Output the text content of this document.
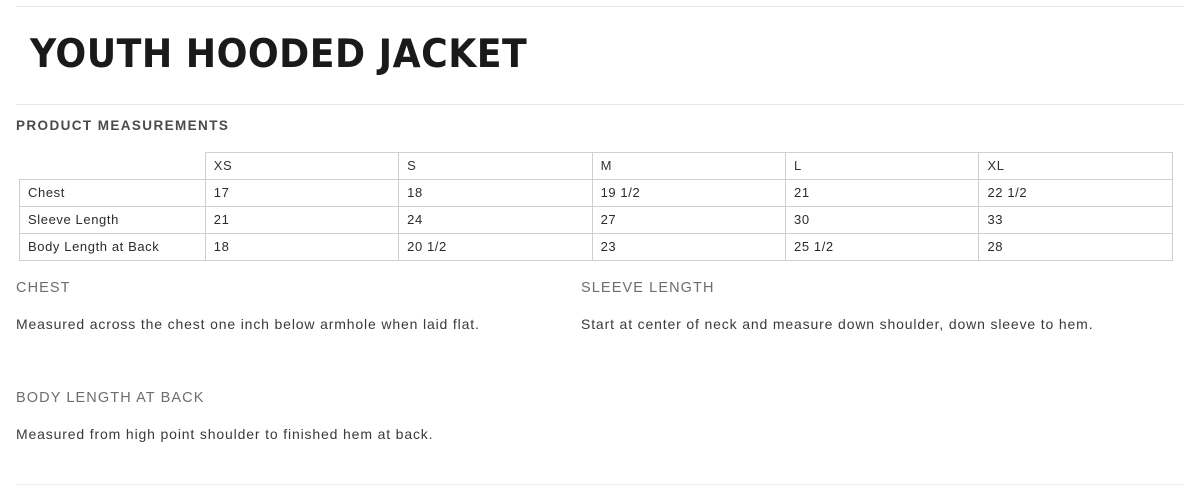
YOUTH HOODED JACKET
PRODUCT MEASUREMENTS
	XS	S	M	L	XL
Chest	17	18	19 1/2	21	22 1/2
Sleeve Length	21	24	27	30	33
Body Length at Back	18	20 1/2	23	25 1/2	28
CHEST
Measured across the chest one inch below armhole when laid flat.
SLEEVE LENGTH
Start at center of neck and measure down shoulder, down sleeve to hem.
BODY LENGTH AT BACK
Measured from high point shoulder to finished hem at back.
